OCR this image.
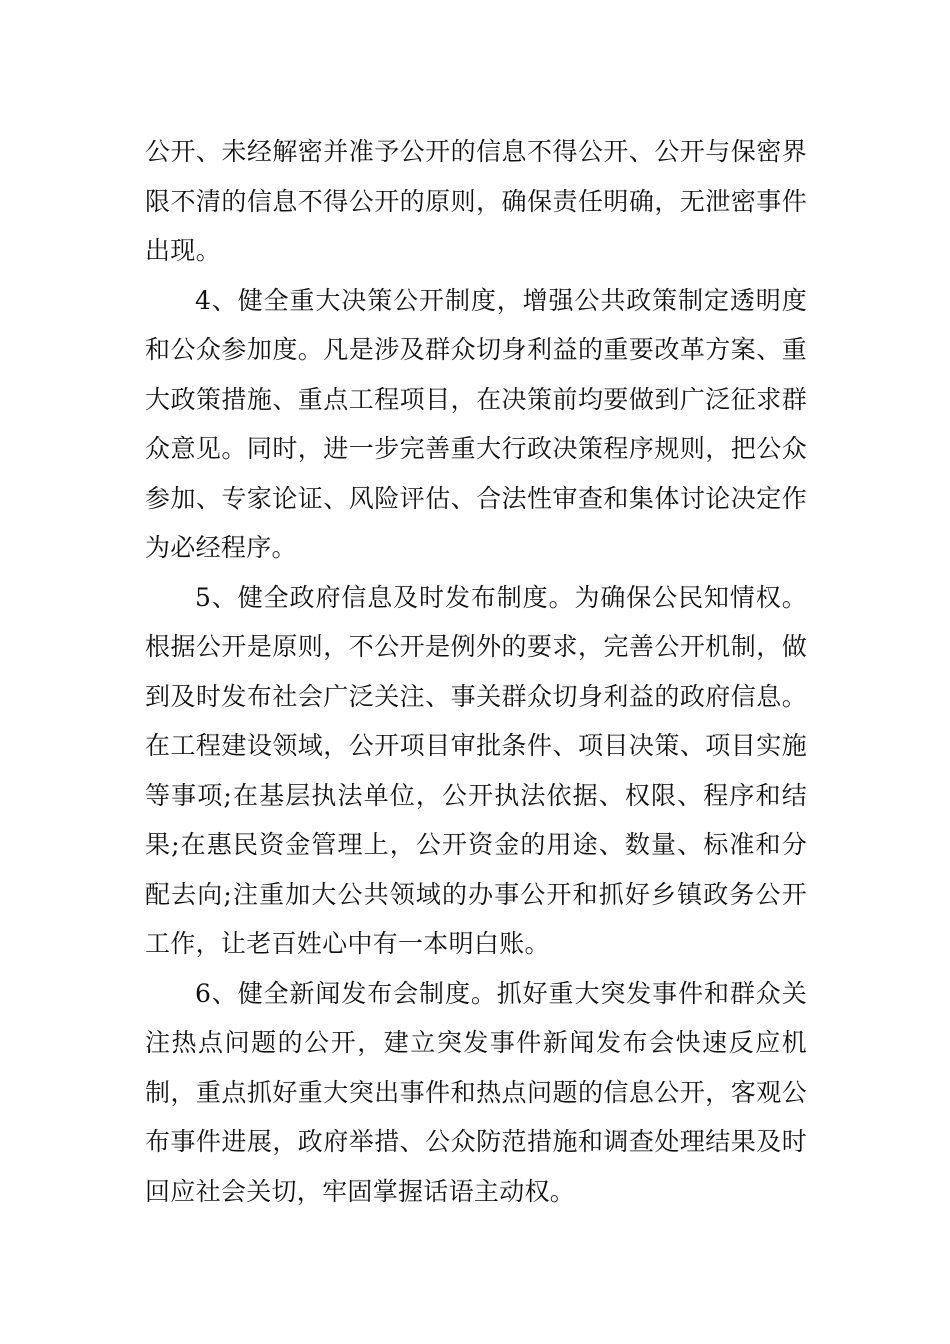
公开、未经解密并准予公开的信息不得公开、公开与保密界限不清的信息不得公开的原则，确保责任明确，无泄密事件出现。

4、健全重大决策公开制度，增强公共政策制定透明度和公众参加度。凡是涉及群众切身利益的重要改革方案、重大政策措施、重点工程项目，在决策前均要做到广泛征求群众意见。同时，进一步完善重大行政决策程序规则，把公众参加、专家论证、风险评估、合法性审查和集体讨论决定作为必经程序。

5、健全政府信息及时发布制度。为确保公民知情权。根据公开是原则，不公开是例外的要求，完善公开机制，做到及时发布社会广泛关注、事关群众切身利益的政府信息。在工程建设领域，公开项目审批条件、项目决策、项目实施等事项;在基层执法单位，公开执法依据、权限、程序和结果;在惠民资金管理上，公开资金的用途、数量、标准和分配去向;注重加大公共领域的办事公开和抓好乡镇政务公开工作，让老百姓心中有一本明白账。

6、健全新闻发布会制度。抓好重大突发事件和群众关注热点问题的公开，建立突发事件新闻发布会快速反应机制，重点抓好重大突出事件和热点问题的信息公开，客观公布事件进展，政府举措、公众防范措施和调查处理结果及时回应社会关切，牢固掌握话语主动权。
